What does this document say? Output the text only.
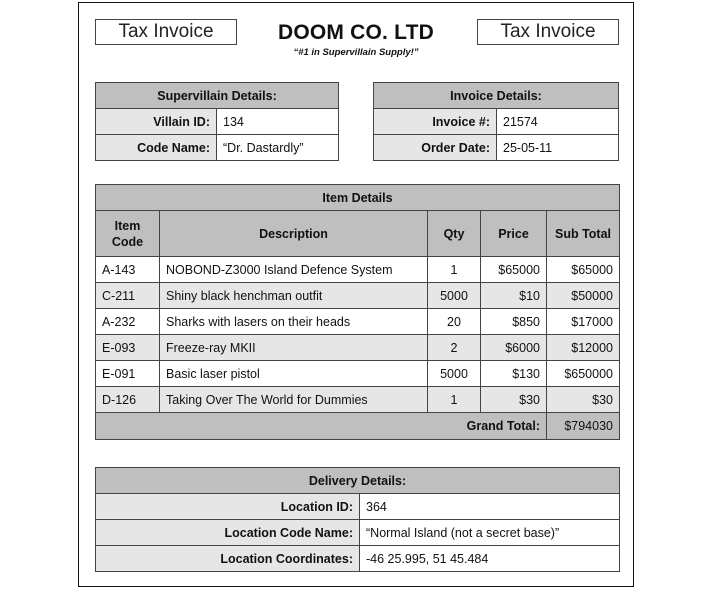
Tax Invoice	Tax Invoice
DOOM CO. LTD
“#1 in Supervillain Supply!”
Supervillain Details:	
Villain ID:	134
Code Name:	“Dr. Dastardly”
Invoice Details:	
Invoice #:	21574
Order Date:	25-05-11
Item Details				
Item Code	Description	Qty	Price	Sub Total
A-143	NOBOND-Z3000 Island Defence System	1	$65000	$65000
C-211	Shiny black henchman outfit	5000	$10	$50000
A-232	Sharks with lasers on their heads	20	$850	$17000
E-093	Freeze-ray MKII	2	$6000	$12000
E-091	Basic laser pistol	5000	$130	$650000
D-126	Taking Over The World for Dummies	1	$30	$30
Grand Total:				$794030
Delivery Details:	
Location ID:	364
Location Code Name:	“Normal Island (not a secret base)”
Location Coordinates:	-46 25.995, 51 45.484
